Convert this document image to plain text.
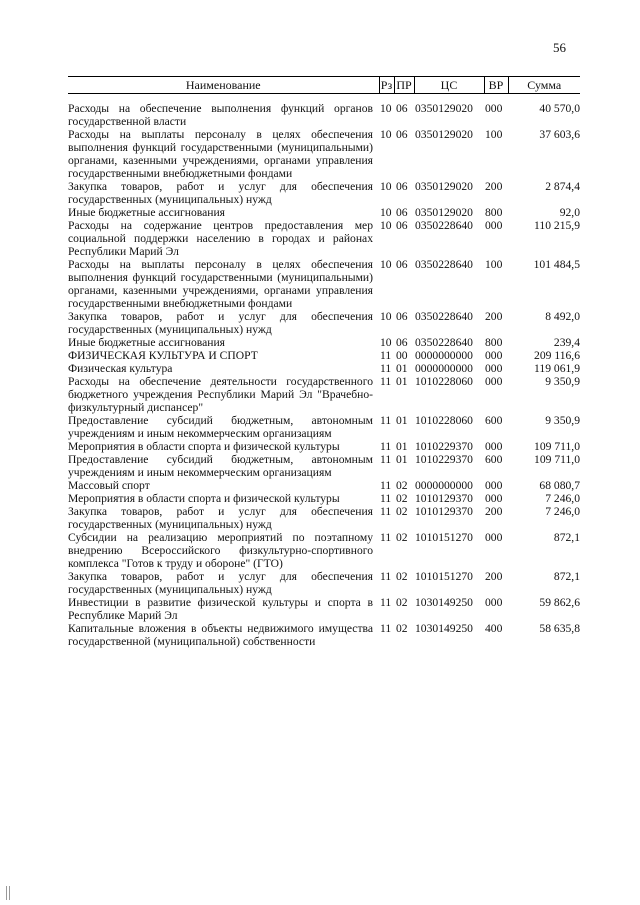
56
Наименование	Рз	ПР	ЦС	ВР	Сумма

Расходы на обеспечение выполнения функций органов государственной власти	10	06	0350129020	000	40 570,0
Расходы на выплаты персоналу в целях обеспечения выполнения функций государственными (муниципальными) органами, казенными учреждениями, органами управления государственными внебюджетными фондами	10	06	0350129020	100	37 603,6
Закупка товаров, работ и услуг для обеспечения государственных (муниципальных) нужд	10	06	0350129020	200	2 874,4
Иные бюджетные ассигнования	10	06	0350129020	800	92,0
Расходы на содержание центров предоставления мер социальной поддержки населению в городах и районах Республики Марий Эл	10	06	0350228640	000	110 215,9
Расходы на выплаты персоналу в целях обеспечения выполнения функций государственными (муниципальными) органами, казенными учреждениями, органами управления государственными внебюджетными фондами	10	06	0350228640	100	101 484,5
Закупка товаров, работ и услуг для обеспечения государственных (муниципальных) нужд	10	06	0350228640	200	8 492,0
Иные бюджетные ассигнования	10	06	0350228640	800	239,4
ФИЗИЧЕСКАЯ КУЛЬТУРА И СПОРТ	11	00	0000000000	000	209 116,6
Физическая культура	11	01	0000000000	000	119 061,9
Расходы на обеспечение деятельности государственного бюджетного учреждения Республики Марий Эл "Врачебно-физкультурный диспансер"	11	01	1010228060	000	9 350,9
Предоставление субсидий бюджетным, автономным учреждениям и иным некоммерческим организациям	11	01	1010228060	600	9 350,9
Мероприятия в области спорта и физической культуры	11	01	1010229370	000	109 711,0
Предоставление субсидий бюджетным, автономным учреждениям и иным некоммерческим организациям	11	01	1010229370	600	109 711,0
Массовый спорт	11	02	0000000000	000	68 080,7
Мероприятия в области спорта и физической культуры	11	02	1010129370	000	7 246,0
Закупка товаров, работ и услуг для обеспечения государственных (муниципальных) нужд	11	02	1010129370	200	7 246,0
Субсидии на реализацию мероприятий по поэтапному внедрению Всероссийского физкультурно-спортивного комплекса "Готов к труду и обороне" (ГТО)	11	02	1010151270	000	872,1
Закупка товаров, работ и услуг для обеспечения государственных (муниципальных) нужд	11	02	1010151270	200	872,1
Инвестиции в развитие физической культуры и спорта в Республике Марий Эл	11	02	1030149250	000	59 862,6
Капитальные вложения в объекты недвижимого имущества государственной (муниципальной) собственности	11	02	1030149250	400	58 635,8
